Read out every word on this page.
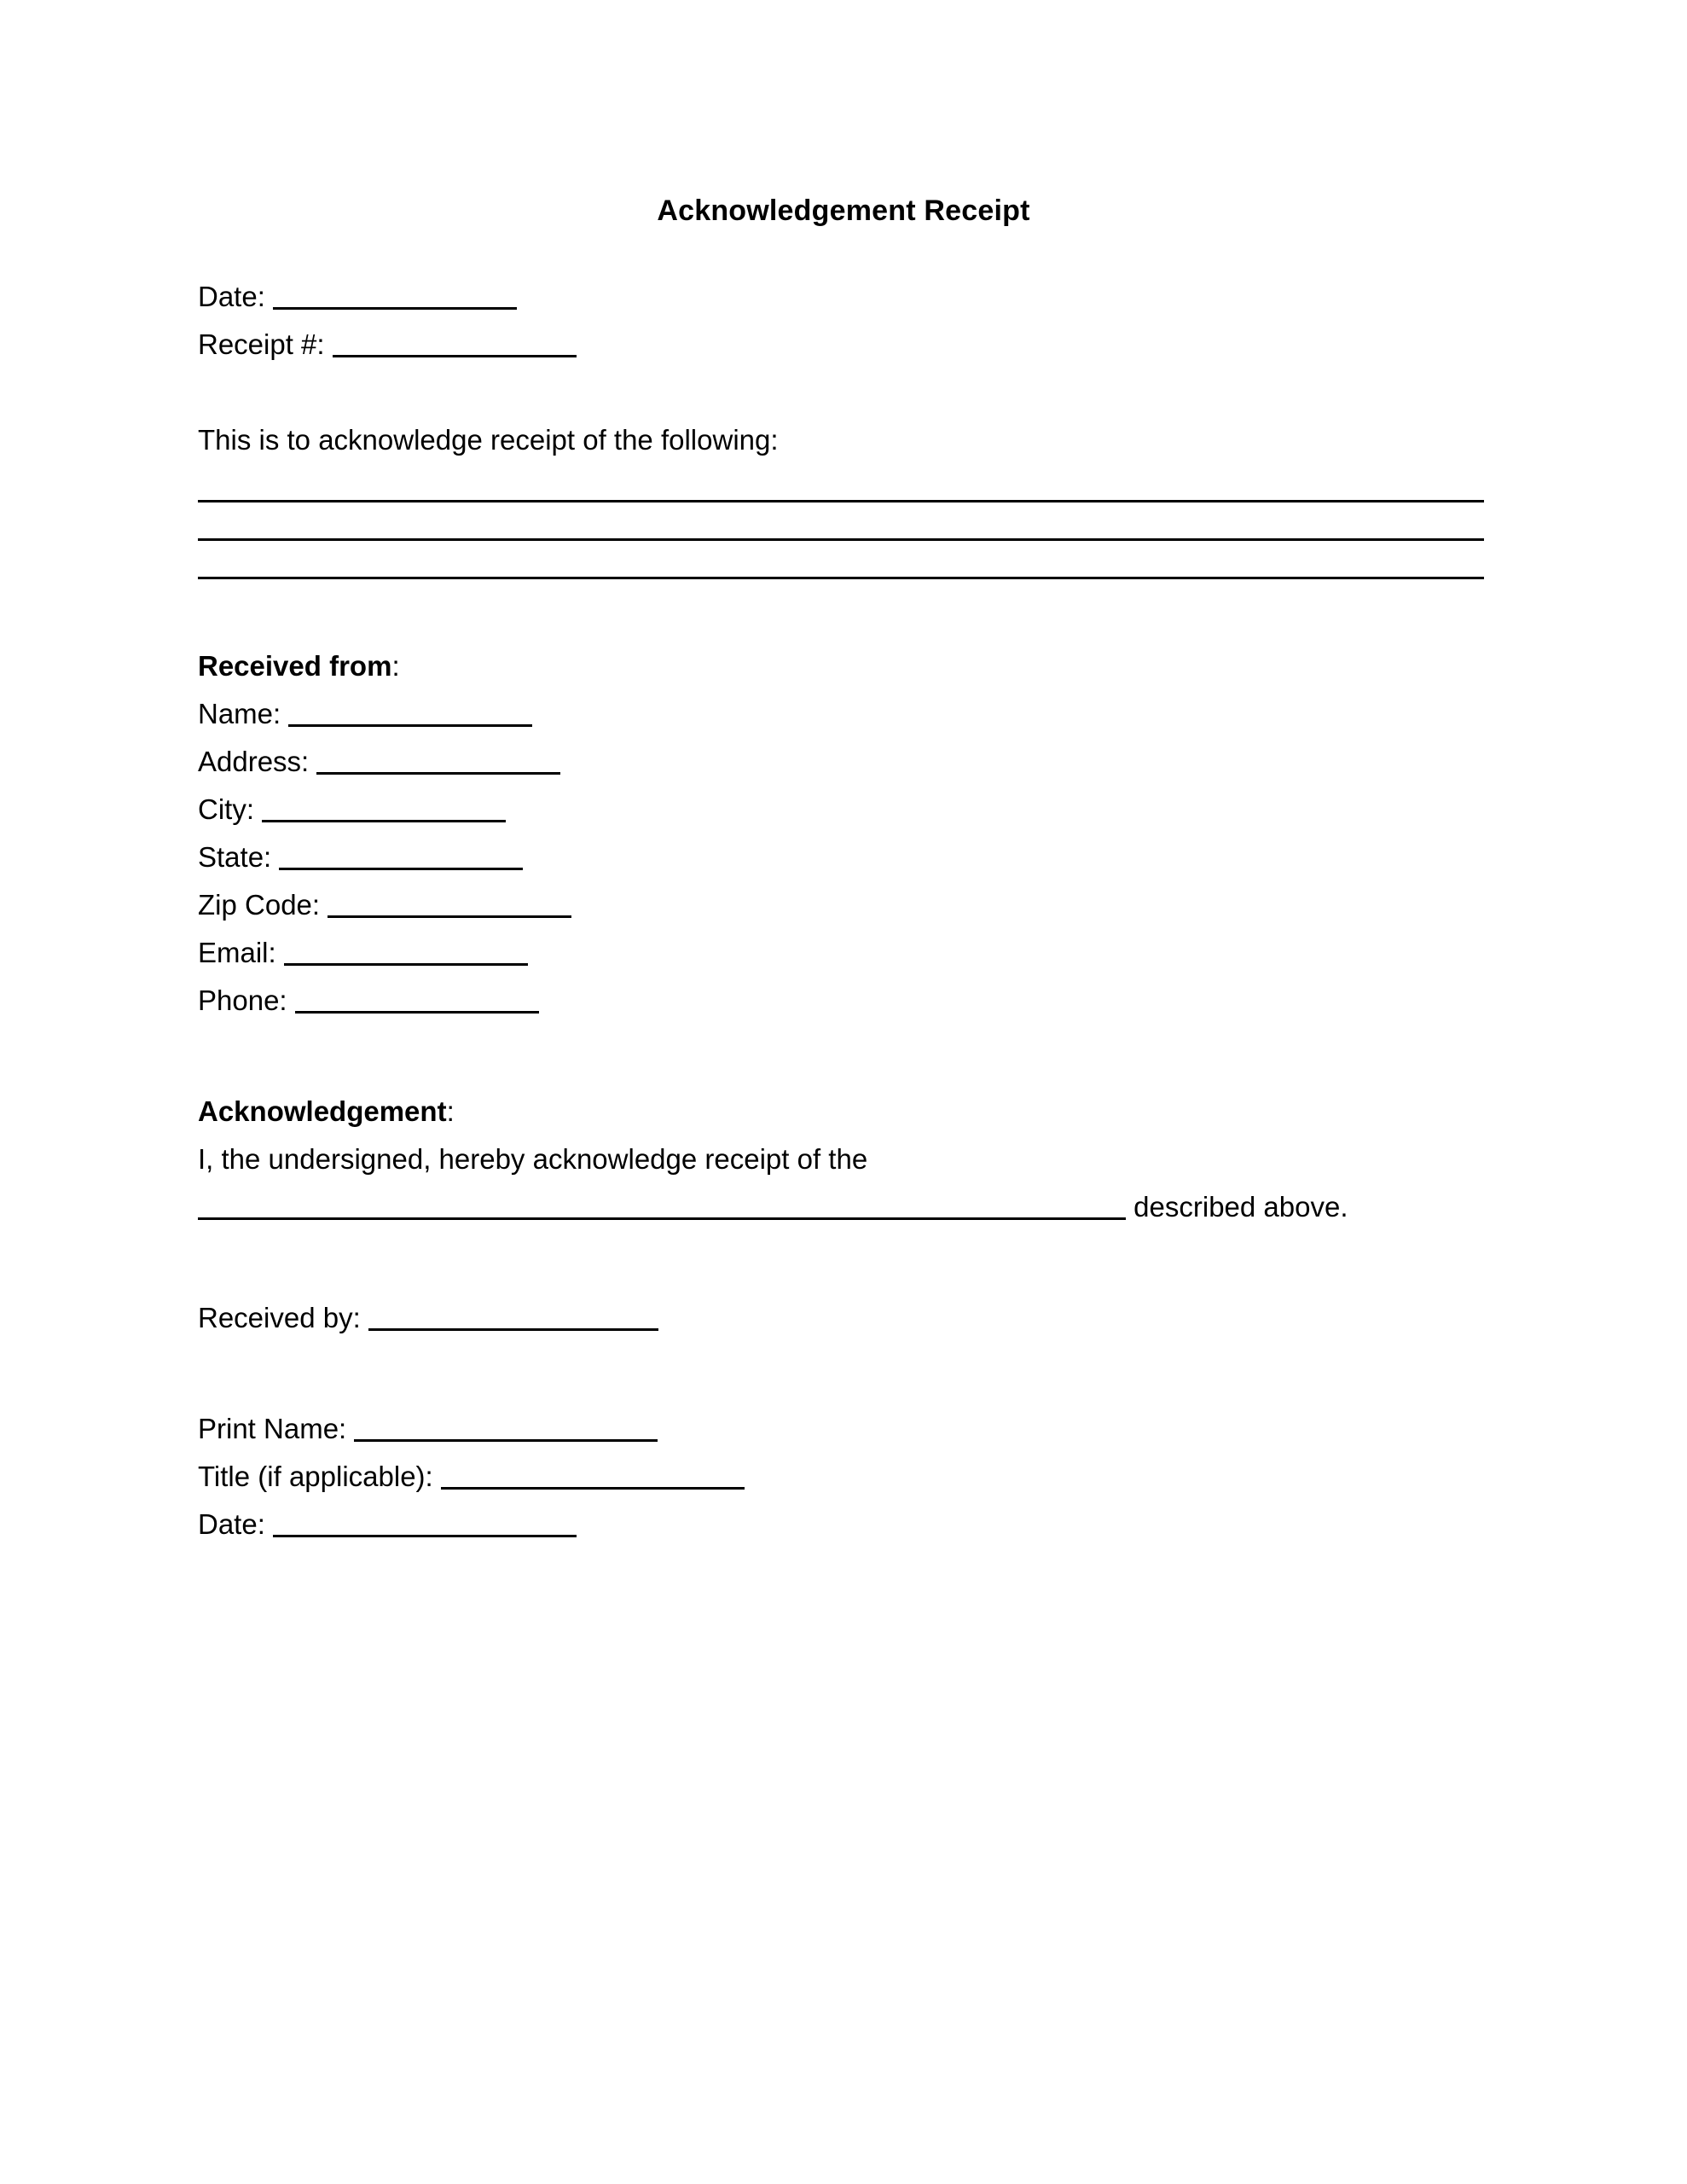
Acknowledgement Receipt
Date:
Receipt #:
This is to acknowledge receipt of the following:
Received from:
Name:
Address:
City:
State:
Zip Code:
Email:
Phone:
Acknowledgement:
I, the undersigned, hereby acknowledge receipt of the
described above.
Received by:
Print Name:
Title (if applicable):
Date:
